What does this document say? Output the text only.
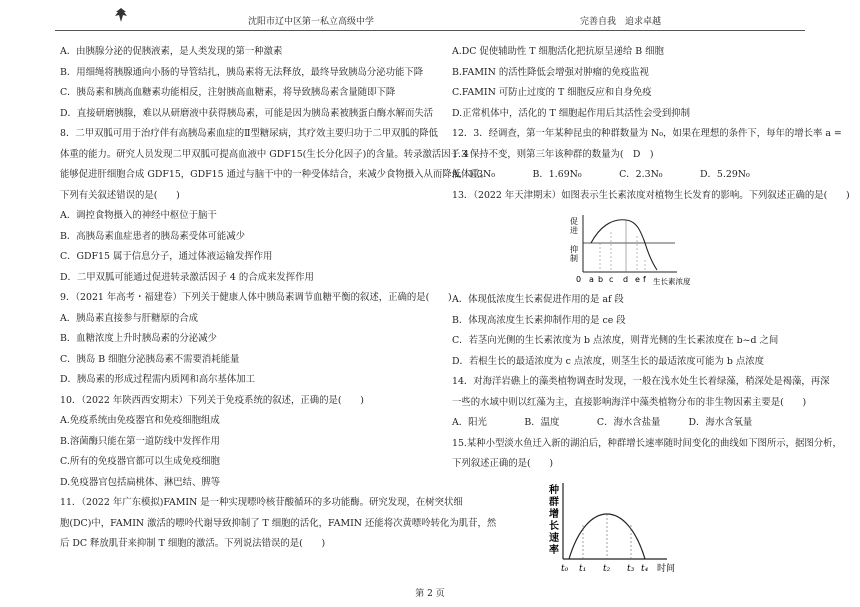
沈阳市辽中区第一私立高级中学	完善自我　追求卓越

A．由胰腺分泌的促胰液素，是人类发现的第一种激素

B．用细绳将胰腺通向小肠的导管结扎，胰岛素将无法释放，最终导致胰岛分泌功能下降

C．胰岛素和胰高血糖素功能相反，注射胰高血糖素，将导致胰岛素含量随即下降

D．直接研磨胰腺，难以从研磨液中获得胰岛素，可能是因为胰岛素被胰蛋白酶水解而失活

8．二甲双胍可用于治疗伴有高胰岛素血症的Ⅱ型糖尿病，其疗效主要归功于二甲双胍的降低

体重的能力。研究人员发现二甲双胍可提高血液中 GDF15(生长分化因子)的含量。转录激活因子 4

能够促进肝细胞合成 GDF15，GDF15 通过与脑干中的一种受体结合，来减少食物摄入从而降低体重。

下列有关叙述错误的是(　　)

A．调控食物摄入的神经中枢位于脑干

B．高胰岛素血症患者的胰岛素受体可能减少

C．GDF15 属于信息分子，通过体液运输发挥作用

D．二甲双胍可能通过促进转录激活因子 4 的合成来发挥作用

9．（2021 年高考・福建卷）下列关于健康人体中胰岛素调节血糖平衡的叙述，正确的是(　　)

A．胰岛素直接参与肝糖原的合成

B．血糖浓度上升时胰岛素的分泌减少

C．胰岛 B 细胞分泌胰岛素不需要消耗能量

D．胰岛素的形成过程需内质网和高尔基体加工

10．（2022 年陕西西安期末）下列关于免疫系统的叙述，正确的是(　　)

A.免疫系统由免疫器官和免疫细胞组成

B.溶菌酶只能在第一道防线中发挥作用

C.所有的免疫器官都可以生成免疫细胞

D.免疫器官包括扁桃体、淋巴结、脾等

11．（2022 年广东模拟)FAMIN 是一种实现嘌呤核苷酸循环的多功能酶。研究发现，在树突状细

胞(DC)中，FAMIN 激活的嘌呤代谢导致抑制了 T 细胞的活化，FAMIN 还能将次黄嘌呤转化为肌苷，然

后 DC 释放肌苷来抑制 T 细胞的激活。下列说法错误的是(　　)

A.DC 促使辅助性 T 细胞活化把抗原呈递给 B 细胞

B.FAMIN 的活性降低会增强对肿瘤的免疫监视

C.FAMIN 可防止过度的 T 细胞反应和自身免疫

D.正常机体中，活化的 T 细胞起作用后其活性会受到抑制

12．3．经调查，第一年某种昆虫的种群数量为 N₀，如果在理想的条件下，每年的增长率 a =

1.3 保持不变，则第三年该种群的数量为(　D　)

A．1.3N₀　　　　B．1.69N₀　　　　C．2.3N₀　　　　D．5.29N₀

13．（2022 年天津期末）如图表示生长素浓度对植物生长发育的影响。下列叙述正确的是(　　)

促
进
抑
制
0 a b c d e f 生长素浓度

A．体现低浓度生长素促进作用的是 af 段

B．体现高浓度生长素抑制作用的是 ce 段

C．若茎向光侧的生长素浓度为 b 点浓度，则背光侧的生长素浓度在 b~d 之间

D．若根生长的最适浓度为 c 点浓度，则茎生长的最适浓度可能为 b 点浓度

14．对海洋岩礁上的藻类植物调查时发现，一般在浅水处生长着绿藻，稍深处是褐藻，再深

一些的水域中则以红藻为主，直接影响海洋中藻类植物分布的非生物因素主要是(　　)

A．阳光　　　　B．温度　　　　C．海水含盐量　　　D．海水含氧量

15.某种小型淡水鱼迁入新的湖泊后，种群增长速率随时间变化的曲线如下图所示，据图分析，

下列叙述正确的是(　　)

种
群
增
长
速
率
t₀ t₁ t₂ t₃ t₄ 时间
第 2 页
